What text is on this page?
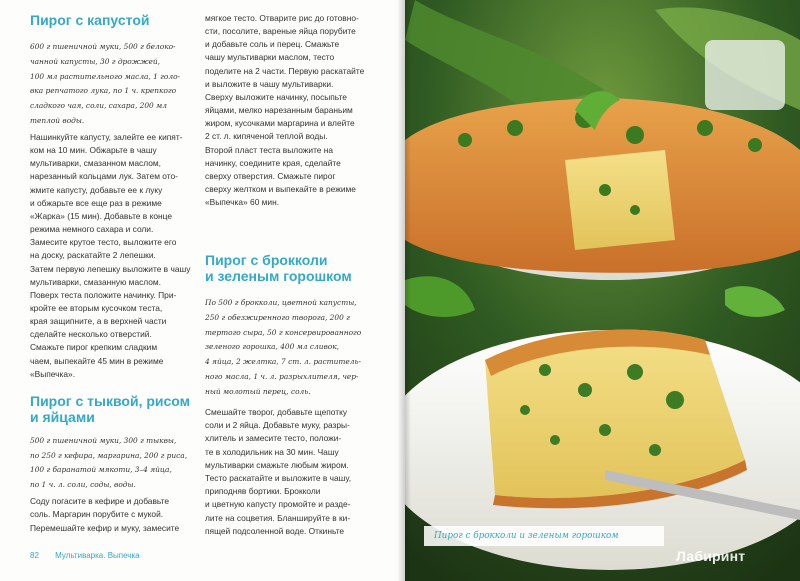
Пирог с капустой
600 г пшеничной муки, 500 г белоко-
чанной капусты, 30 г дрожжей,
100 мл растительного масла, 1 голо-
вка репчатого лука, по 1 ч. крепкого
сладкого чая, соли, сахара, 200 мл
теплой воды.
Нашинкуйте капусту, залейте ее кипят-
ком на 10 мин. Обжарьте в чашу
мультиварки, смазанном маслом,
нарезанный кольцами лук. Затем ото-
жмите капусту, добавьте ее к луку
и обжарьте все еще раз в режиме
«Жарка» (15 мин). Добавьте в конце
режима немного сахара и соли.
Замесите крутое тесто, выложите его
на доску, раскатайте 2 лепешки.
Затем первую лепешку выложите в чашу
мультиварки, смазанную маслом.
Поверх теста положите начинку. При-
кройте ее вторым кусочком теста,
края защипните, а в верхней части
сделайте несколько отверстий.
Смажьте пирог крепким сладким
чаем, выпекайте 45 мин в режиме
«Выпечка».
Пирог с тыквой, рисом
и яйцами
500 г пшеничной муки, 300 г тыквы,
по 250 г кефира, маргарина, 200 г риса,
100 г баранатой мякоти, 3–4 яйца,
по 1 ч. л. соли, соды, воды.
Соду погасите в кефире и добавьте
соль. Маргарин порубите с мукой.
Перемешайте кефир и муку, замесите
мягкое тесто. Отварите рис до готовно-
сти, посолите, вареные яйца порубите
и добавьте соль и перец. Смажьте
чашу мультиварки маслом, тесто
поделите на 2 части. Первую раскатайте
и выложите в чашу мультиварки.
Сверху выложите начинку, посыпьте
яйцами, мелко нарезанным бараньим
жиром, кусочками маргарина и влейте
2 ст. л. кипяченой теплой воды.
Второй пласт теста выложите на
начинку, соедините края, сделайте
сверху отверстия. Смажьте пирог
сверху желтком и выпекайте в режиме
«Выпечка» 60 мин.
Пирог с брокколи
и зеленым горошком
По 500 г брокколи, цветной капусты,
250 г обезжиренного творога, 200 г
тертого сыра, 50 г консервированного
зеленого горошка, 400 мл сливок,
4 яйца, 2 желтка, 7 ст. л. раститель-
ного масла, 1 ч. л. разрыхлителя, чер-
ный молотый перец, соль.
Смешайте творог, добавьте щепотку
соли и 2 яйца. Добавьте муку, разры-
хлитель и замесите тесто, положи-
те в холодильник на 30 мин. Чашу
мультиварки смажьте любым жиром.
Тесто раскатайте и выложите в чашу,
приподняв бортики. Брокколи
и цветную капусту промойте и разде-
лите на соцветия. Бланшируйте в ки-
пящей подсоленной воде. Откиньте
82 Мультиварка. Выпечка
Пирог с брокколи и зеленым горошком
Лабиринт
